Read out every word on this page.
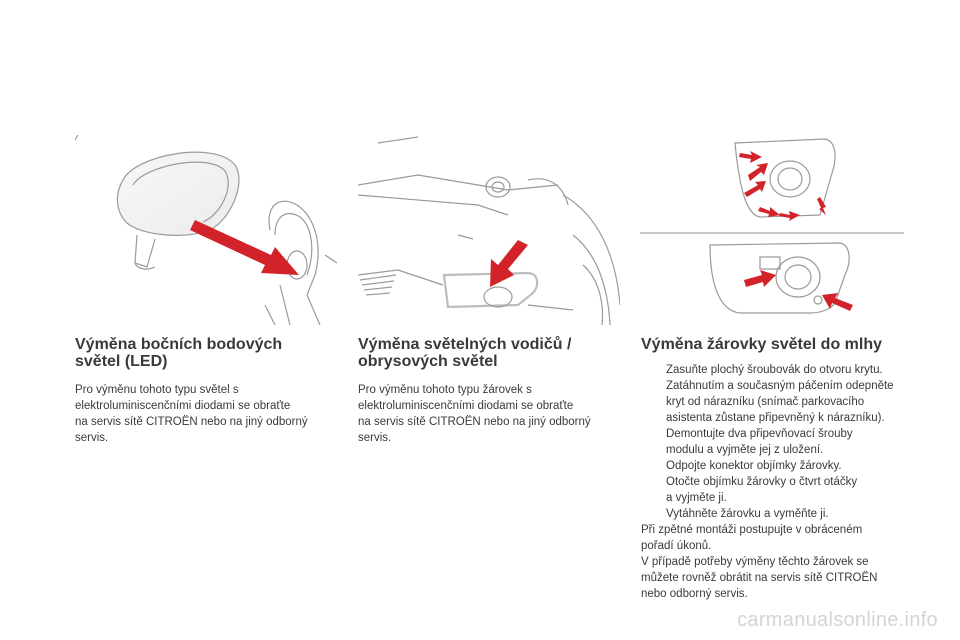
Výměna bočních bodových
světel (LED)
Pro výměnu tohoto typu světel s
elektroluminiscenčními diodami se obraťte
na servis sítě CITROËN nebo na jiný odborný
servis.
Výměna světelných vodičů /
obrysových světel
Pro výměnu tohoto typu žárovek s
elektroluminiscenčními diodami se obraťte
na servis sítě CITROËN nebo na jiný odborný
servis.
Výměna žárovky světel do mlhy
Zasuňte plochý šroubovák do otvoru krytu.
Zatáhnutím a současným páčením odepněte
kryt od nárazníku (snímač parkovacího
asistenta zůstane připevněný k nárazníku).
Demontujte dva připevňovací šrouby
modulu a vyjměte jej z uložení.
Odpojte konektor objímky žárovky.
Otočte objímku žárovky o čtvrt otáčky
a vyjměte ji.
Vytáhněte žárovku a vyměňte ji.

Při zpětné montáži postupujte v obráceném
pořadí úkonů.
V případě potřeby výměny těchto žárovek se
můžete rovněž obrátit na servis sítě CITROËN
nebo odborný servis.

carmanualsonline.info
